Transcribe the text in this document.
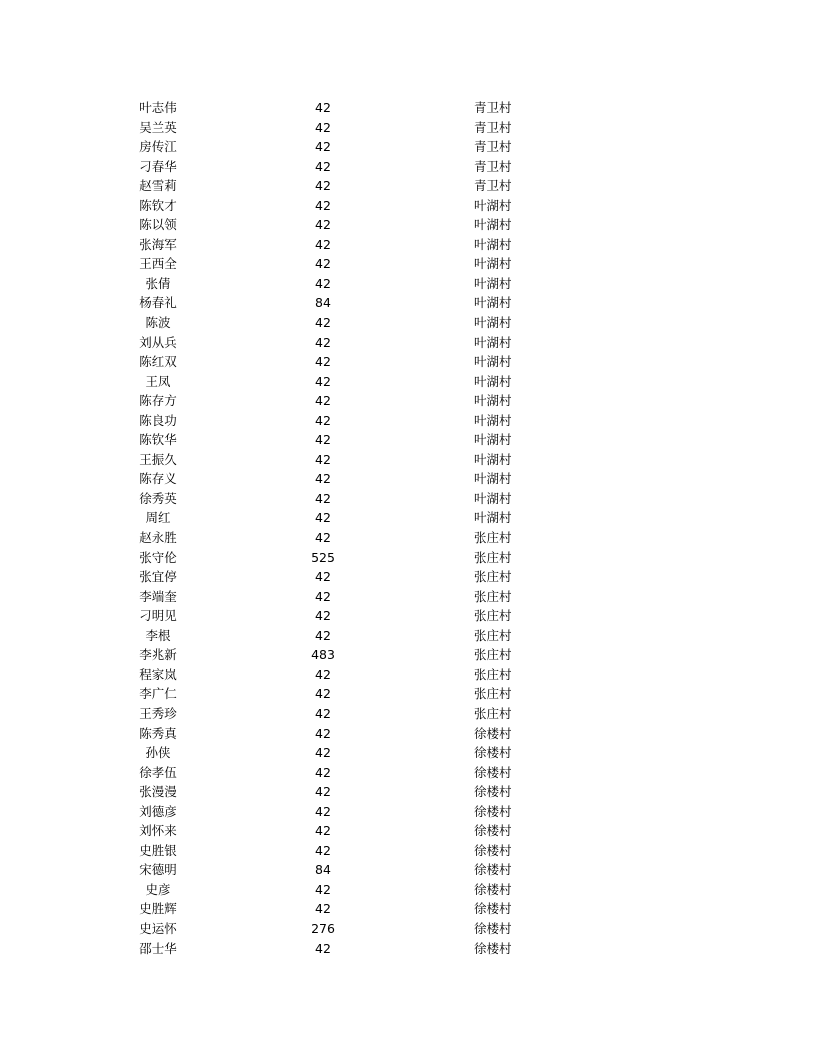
叶志伟	42	青卫村
吴兰英	42	青卫村
房传江	42	青卫村
刁春华	42	青卫村
赵雪莉	42	青卫村
陈钦才	42	叶湖村
陈以领	42	叶湖村
张海军	42	叶湖村
王西全	42	叶湖村
张倩	42	叶湖村
杨春礼	84	叶湖村
陈波	42	叶湖村
刘从兵	42	叶湖村
陈红双	42	叶湖村
王凤	42	叶湖村
陈存方	42	叶湖村
陈良功	42	叶湖村
陈钦华	42	叶湖村
王振久	42	叶湖村
陈存义	42	叶湖村
徐秀英	42	叶湖村
周红	42	叶湖村
赵永胜	42	张庄村
张守伦	525	张庄村
张宜停	42	张庄村
李端奎	42	张庄村
刁明见	42	张庄村
李根	42	张庄村
李兆新	483	张庄村
程家岚	42	张庄村
李广仁	42	张庄村
王秀珍	42	张庄村
陈秀真	42	徐楼村
孙侠	42	徐楼村
徐孝伍	42	徐楼村
张漫漫	42	徐楼村
刘德彦	42	徐楼村
刘怀来	42	徐楼村
史胜银	42	徐楼村
宋德明	84	徐楼村
史彦	42	徐楼村
史胜辉	42	徐楼村
史运怀	276	徐楼村
邵士华	42	徐楼村
